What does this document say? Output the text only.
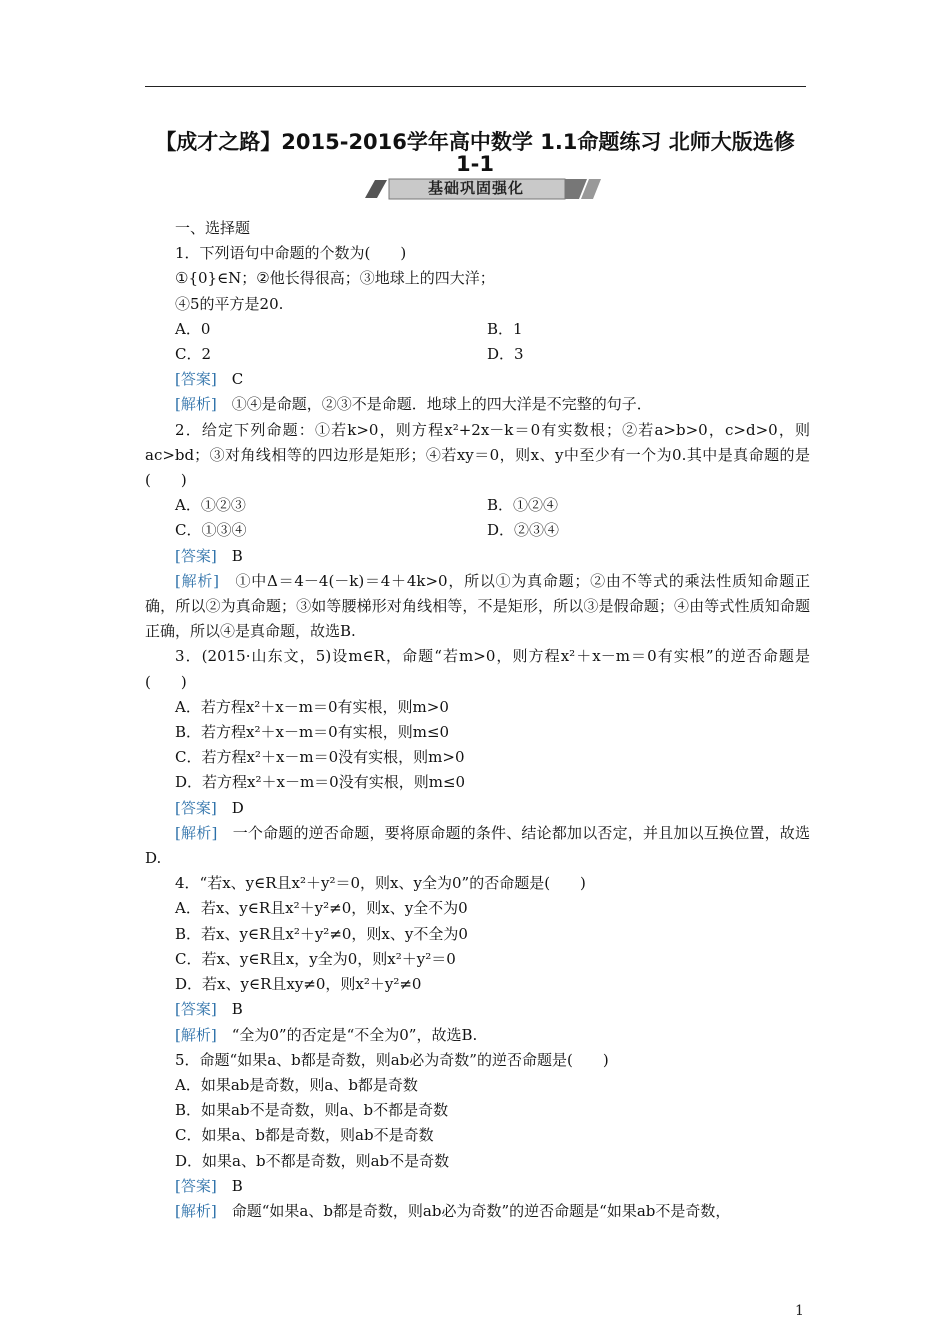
【成才之路】2015-2016学年高中数学 1.1命题练习 北师大版选修
1-1
基础巩固强化

一、选择题

1．下列语句中命题的个数为(　　)

①{0}∈N；②他长得很高；③地球上的四大洋；

④5的平方是20.

A．0	B．1

C．2	D．3

[答案]　C

[解析]　①④是命题，②③不是命题．地球上的四大洋是不完整的句子．

2．给定下列命题：①若k>0，则方程x²+2x－k＝0有实数根；②若a>b>0，c>d>0，则ac>bd；③对角线相等的四边形是矩形；④若xy＝0，则x、y中至少有一个为0.其中是真命题的是(　　)

A．①②③	B．①②④

C．①③④	D．②③④

[答案]　B

[解析]　①中Δ＝4－4(－k)＝4＋4k>0，所以①为真命题；②由不等式的乘法性质知命题正确，所以②为真命题；③如等腰梯形对角线相等，不是矩形，所以③是假命题；④由等式性质知命题正确，所以④是真命题，故选B.

3．(2015·山东文，5)设m∈R，命题“若m>0，则方程x²＋x－m＝0有实根”的逆否命题是(　　)

A．若方程x²＋x－m＝0有实根，则m>0

B．若方程x²＋x－m＝0有实根，则m≤0

C．若方程x²＋x－m＝0没有实根，则m>0

D．若方程x²＋x－m＝0没有实根，则m≤0

[答案]　D

[解析]　一个命题的逆否命题，要将原命题的条件、结论都加以否定，并且加以互换位置，故选D.

4．“若x、y∈R且x²＋y²＝0，则x、y全为0”的否命题是(　　)

A．若x、y∈R且x²＋y²≠0，则x、y全不为0

B．若x、y∈R且x²＋y²≠0，则x、y不全为0

C．若x、y∈R且x，y全为0，则x²＋y²＝0

D．若x、y∈R且xy≠0，则x²＋y²≠0

[答案]　B

[解析]　“全为0”的否定是“不全为0”，故选B.

5．命题“如果a、b都是奇数，则ab必为奇数”的逆否命题是(　　)

A．如果ab是奇数，则a、b都是奇数

B．如果ab不是奇数，则a、b不都是奇数

C．如果a、b都是奇数，则ab不是奇数

D．如果a、b不都是奇数，则ab不是奇数

[答案]　B

[解析]　命题“如果a、b都是奇数，则ab必为奇数”的逆否命题是“如果ab不是奇数，

1
